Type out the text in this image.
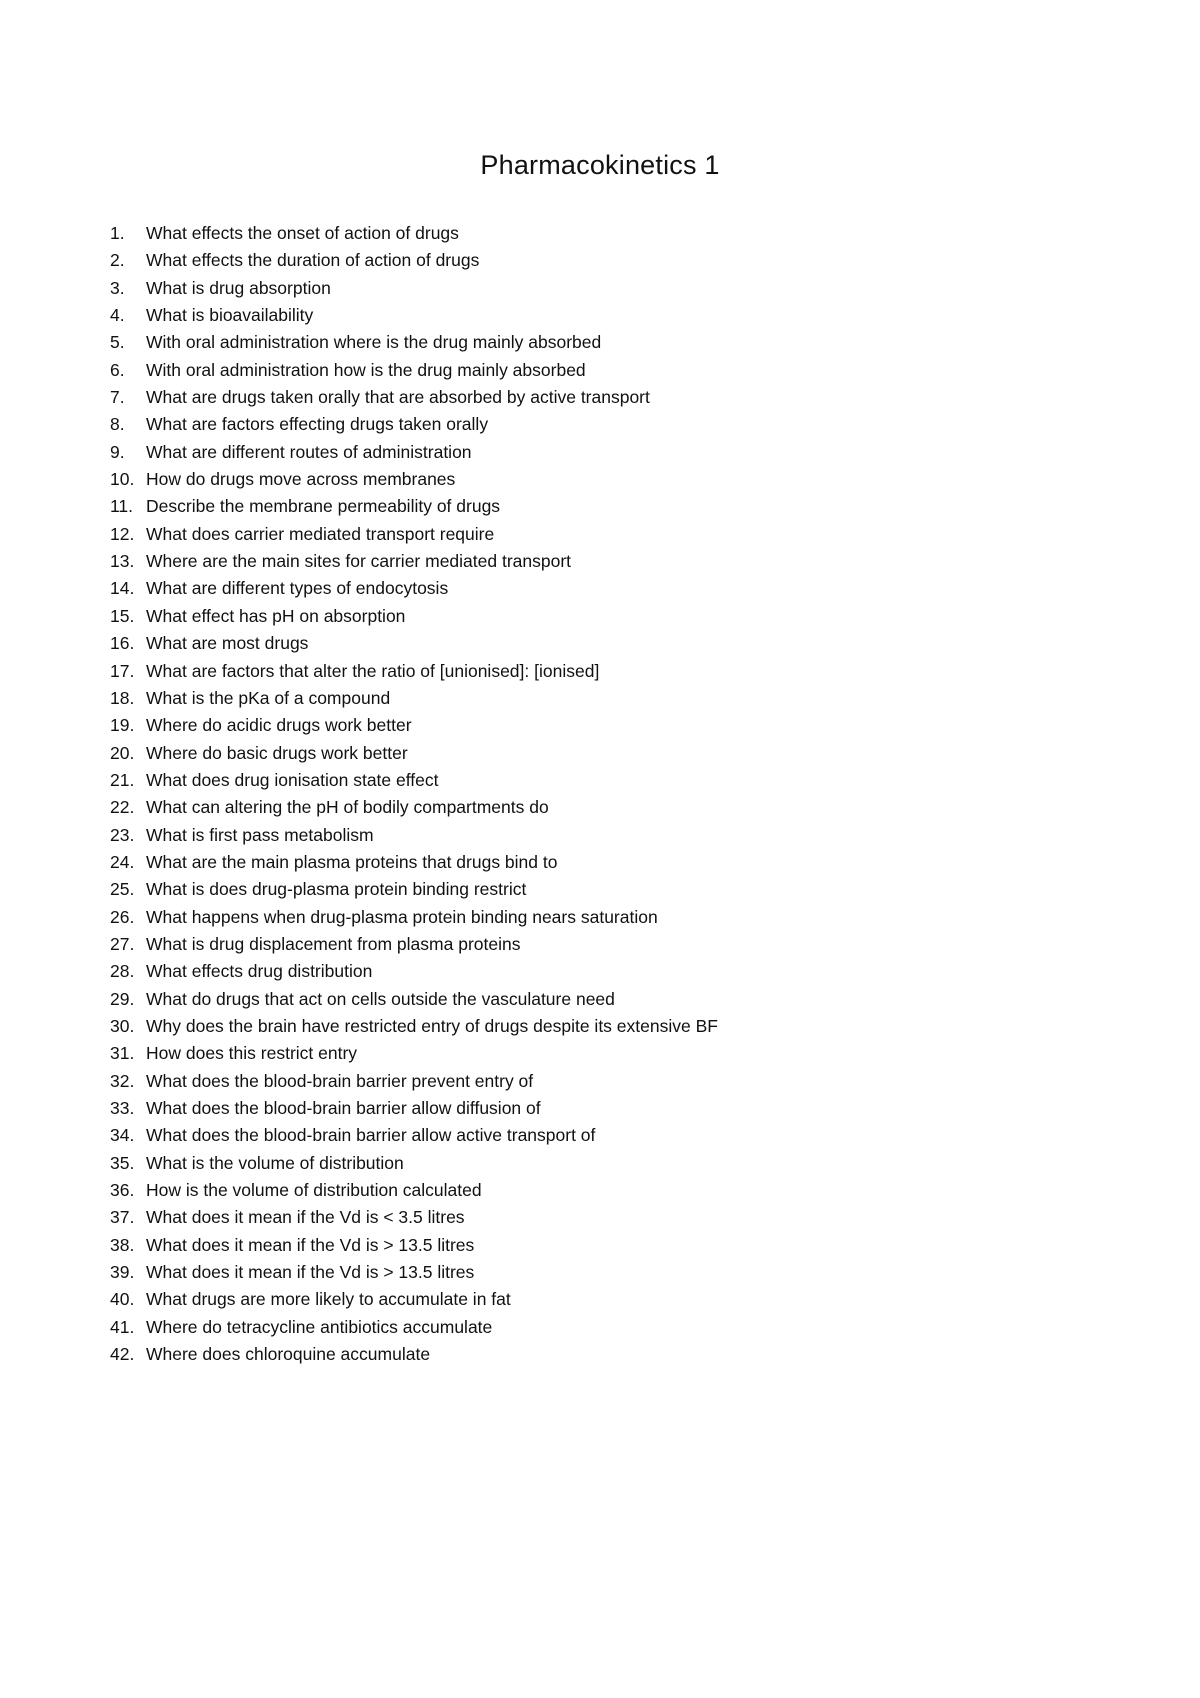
Pharmacokinetics 1
1. What effects the onset of action of drugs
2. What effects the duration of action of drugs
3. What is drug absorption
4. What is bioavailability
5. With oral administration where is the drug mainly absorbed
6. With oral administration how is the drug mainly absorbed
7. What are drugs taken orally that are absorbed by active transport
8. What are factors effecting drugs taken orally
9. What are different routes of administration
10. How do drugs move across membranes
11. Describe the membrane permeability of drugs
12. What does carrier mediated transport require
13. Where are the main sites for carrier mediated transport
14. What are different types of endocytosis
15. What effect has pH on absorption
16. What are most drugs
17. What are factors that alter the ratio of [unionised]: [ionised]
18. What is the pKa of a compound
19. Where do acidic drugs work better
20. Where do basic drugs work better
21. What does drug ionisation state effect
22. What can altering the pH of bodily compartments do
23. What is first pass metabolism
24. What are the main plasma proteins that drugs bind to
25. What is does drug-plasma protein binding restrict
26. What happens when drug-plasma protein binding nears saturation
27. What is drug displacement from plasma proteins
28. What effects drug distribution
29. What do drugs that act on cells outside the vasculature need
30. Why does the brain have restricted entry of drugs despite its extensive BF
31. How does this restrict entry
32. What does the blood-brain barrier prevent entry of
33. What does the blood-brain barrier allow diffusion of
34. What does the blood-brain barrier allow active transport of
35. What is the volume of distribution
36. How is the volume of distribution calculated
37. What does it mean if the Vd is < 3.5 litres
38. What does it mean if the Vd is > 13.5 litres
39. What does it mean if the Vd is > 13.5 litres
40. What drugs are more likely to accumulate in fat
41. Where do tetracycline antibiotics accumulate
42. Where does chloroquine accumulate
